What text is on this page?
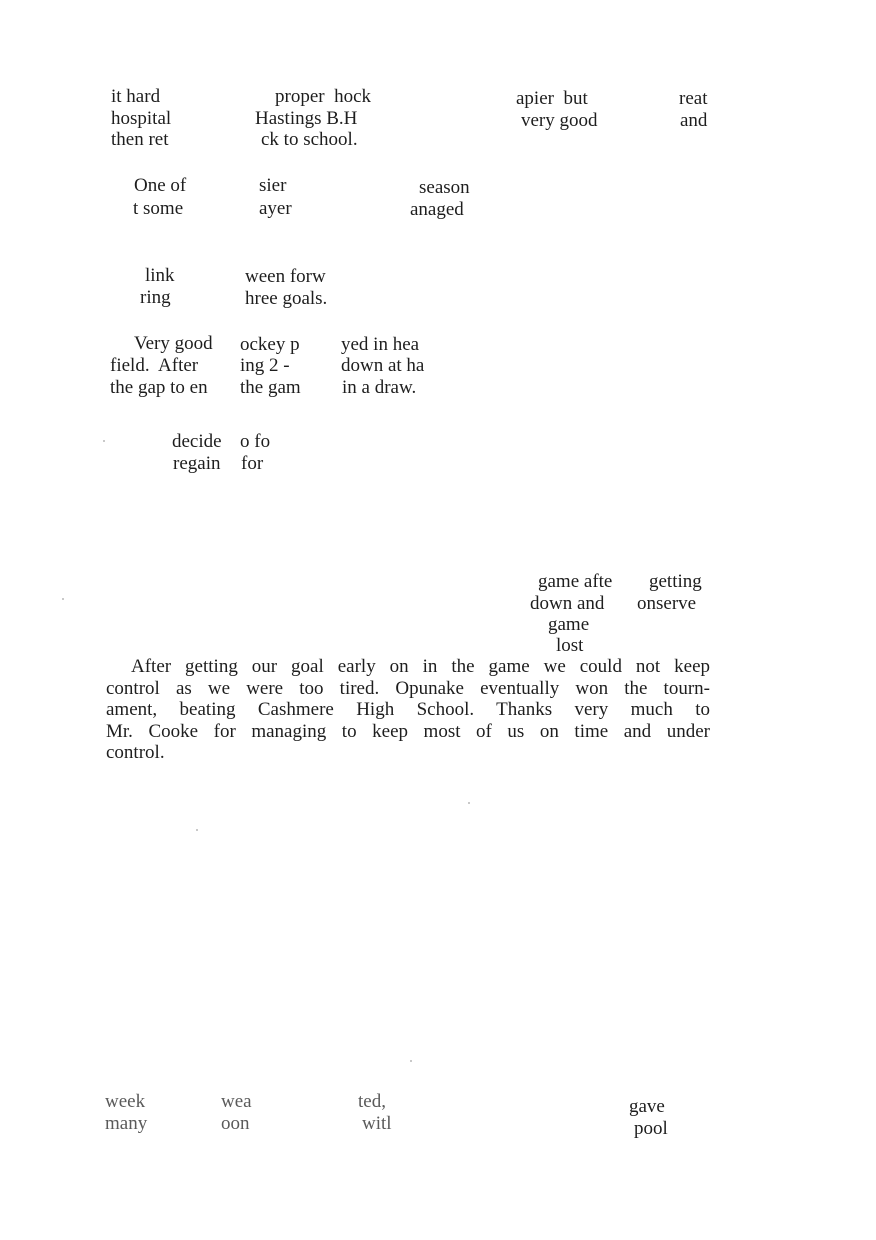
it hard
hospital
then ret
proper  hock
Hastings B.H
ck to school.
apier  but
very good
reat
and
One of
t some
sier
ayer
season
anaged
link
ring
ween forw
hree goals.
Very good
field.  After
the gap to en
ockey p
ing 2 -
the gam
yed in hea
down at ha
in a draw.
decide
regain
o fo
for
game afte getting
down and onserve
game
lost
After getting our goal early on in the game we could not keep
control as we were too tired. Opunake eventually won the tourn-
ament, beating Cashmere High School. Thanks very much to
Mr. Cooke for managing to keep most of us on time and under
control.
week
many
wea
oon
ted,
witl
gave
pool
